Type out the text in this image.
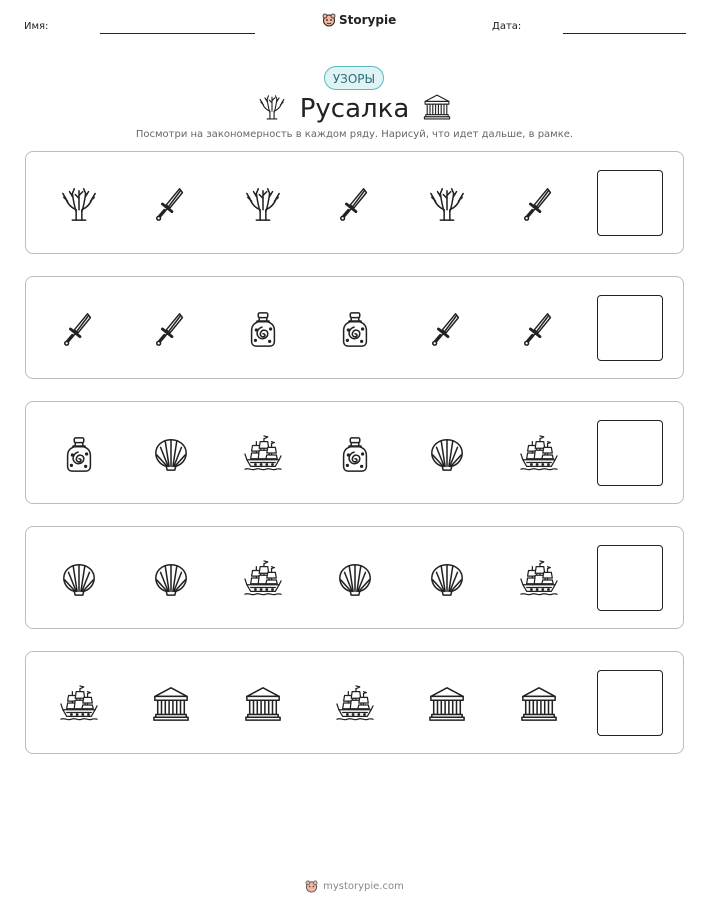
Имя:	Storypie	Дата:
УЗОРЫ
Русалка
Посмотри на закономерность в каждом ряду. Нарисуй, что идет дальше, в рамке.
mystorypie.com
